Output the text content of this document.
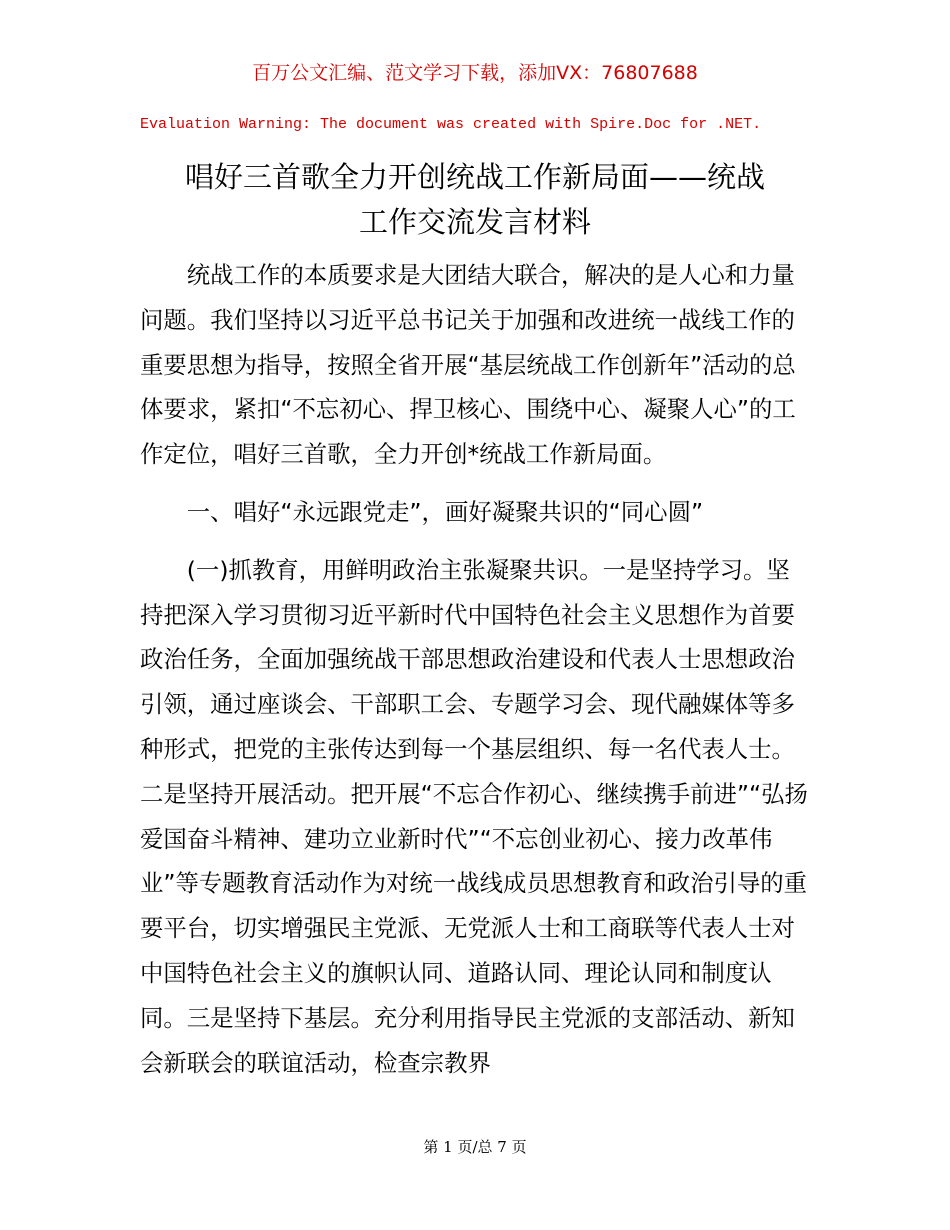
百万公文汇编、范文学习下载，添加VX：76807688
Evaluation Warning: The document was created with Spire.Doc for .NET.
唱好三首歌全力开创统战工作新局面——统战
工作交流发言材料

统战工作的本质要求是大团结大联合，解决的是人心和力量问题。我们坚持以习近平总书记关于加强和改进统一战线工作的重要思想为指导，按照全省开展“基层统战工作创新年”活动的总体要求，紧扣“不忘初心、捍卫核心、围绕中心、凝聚人心”的工作定位，唱好三首歌，全力开创*统战工作新局面。

一、唱好“永远跟党走”，画好凝聚共识的“同心圆”

(一)抓教育，用鲜明政治主张凝聚共识。一是坚持学习。坚持把深入学习贯彻习近平新时代中国特色社会主义思想作为首要政治任务，全面加强统战干部思想政治建设和代表人士思想政治引领，通过座谈会、干部职工会、专题学习会、现代融媒体等多种形式，把党的主张传达到每一个基层组织、每一名代表人士。二是坚持开展活动。把开展“不忘合作初心、继续携手前进”“弘扬爱国奋斗精神、建功立业新时代”“不忘创业初心、接力改革伟业”等专题教育活动作为对统一战线成员思想教育和政治引导的重要平台，切实增强民主党派、无党派人士和工商联等代表人士对中国特色社会主义的旗帜认同、道路认同、理论认同和制度认同。三是坚持下基层。充分利用指导民主党派的支部活动、新知会新联会的联谊活动，检查宗教界

第 1 页/总 7 页
